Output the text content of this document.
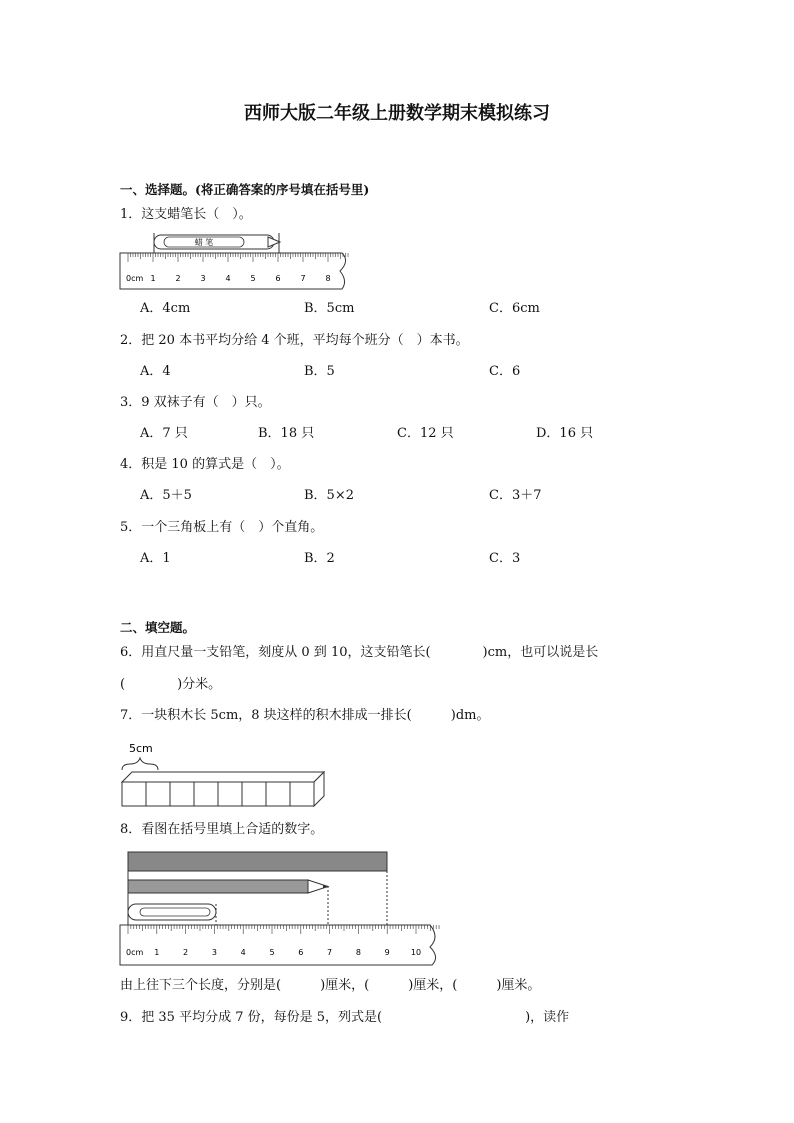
西师大版二年级上册数学期末模拟练习
一、选择题。(将正确答案的序号填在括号里)
1．这支蜡笔长（　）。
蜡 笔
0cm 1 2 3 4 5 6 7 8
A．4cm	B．5cm	C．6cm
2．把 20 本书平均分给 4 个班，平均每个班分（　）本书。
A．4	B．5	C．6
3．9 双袜子有（　）只。
A．7 只	B．18 只	C．12 只	D．16 只
4．积是 10 的算式是（　）。
A．5＋5	B．5×2	C．3＋7
5．一个三角板上有（　）个直角。
A．1	B．2	C．3
二、填空题。
6．用直尺量一支铅笔，刻度从 0 到 10，这支铅笔长(　　　　)cm，也可以说是长
(　　　　)分米。
7．一块积木长 5cm，8 块这样的积木排成一排长(　　　)dm。
5cm
8．看图在括号里填上合适的数字。
0cm 1	2	3	4	5	6	7	8	9	10
由上往下三个长度，分别是(　　　)厘米，(　　　)厘米，(　　　)厘米。
9．把 35 平均分成 7 份，每份是 5，列式是(　　　　　　　　　　　)，读作
